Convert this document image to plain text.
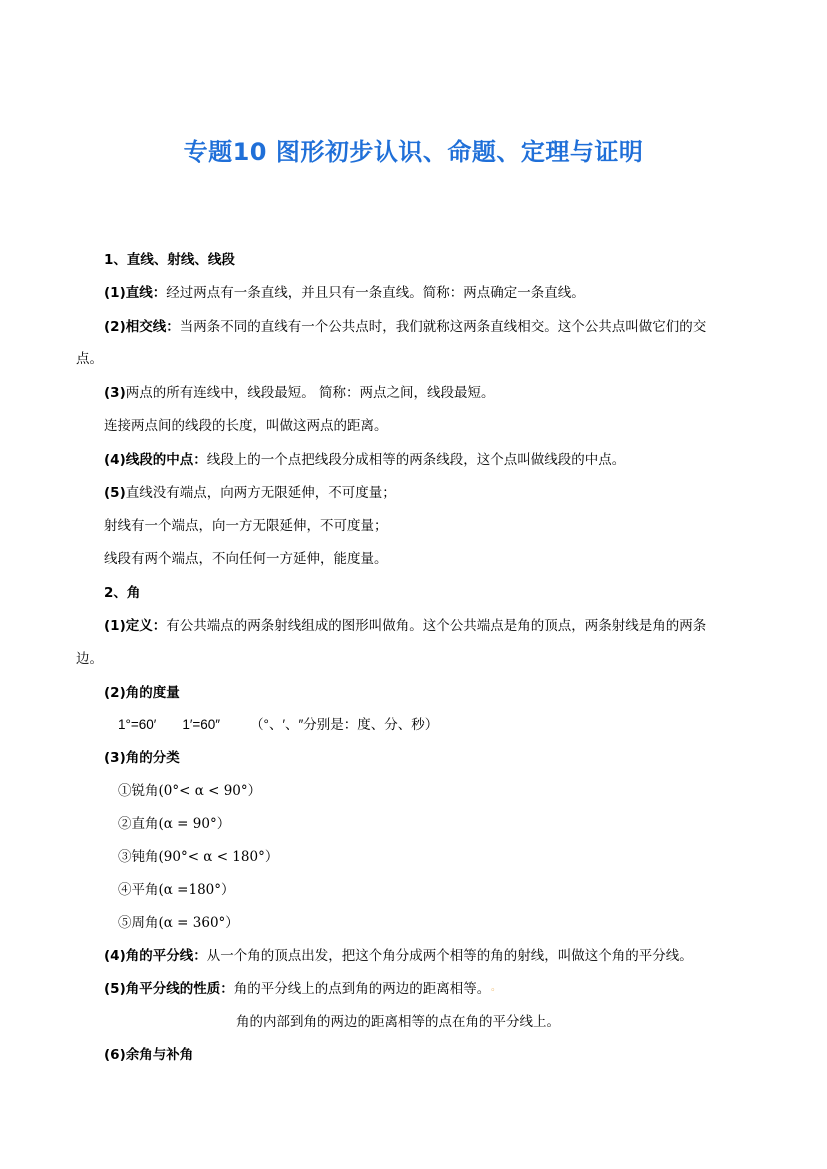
专题10 图形初步认识、命题、定理与证明
1、直线、射线、线段
(1)直线：经过两点有一条直线，并且只有一条直线。简称：两点确定一条直线。
(2)相交线：当两条不同的直线有一个公共点时，我们就称这两条直线相交。这个公共点叫做它们的交
点。
(3)两点的所有连线中，线段最短。 简称：两点之间，线段最短。
连接两点间的线段的长度，叫做这两点的距离。
(4)线段的中点：线段上的一个点把线段分成相等的两条线段，这个点叫做线段的中点。
(5)直线没有端点，向两方无限延伸，不可度量；
射线有一个端点，向一方无限延伸，不可度量；
线段有两个端点，不向任何一方延伸，能度量。
2、角
(1)定义：有公共端点的两条射线组成的图形叫做角。这个公共端点是角的顶点，两条射线是角的两条
边。
(2)角的度量
1°=60′ 1′=60″ （°、′、″分别是：度、分、秒）
(3)角的分类
①锐角(0°< α < 90°）
②直角(α = 90°）
③钝角(90°< α < 180°）
④平角(α =180°）
⑤周角(α = 360°）
(4)角的平分线：从一个角的顶点出发，把这个角分成两个相等的角的射线，叫做这个角的平分线。
(5)角平分线的性质：角的平分线上的点到角的两边的距离相等。◦
角的内部到角的两边的距离相等的点在角的平分线上。
(6)余角与补角
